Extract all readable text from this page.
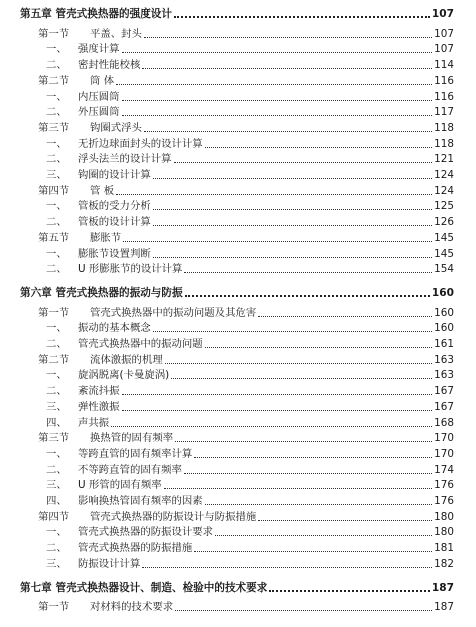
第五章 管壳式换热器的强度设计	107
第一节	平盖、封头	107
一、	强度计算	107
二、	密封性能校核	114
第二节	筒 体	116
一、	内压圆筒	116
二、	外压圆筒	117
第三节	钩圈式浮头	118
一、	无折边球面封头的设计计算	118
二、	浮头法兰的设计计算	121
三、	钩圈的设计计算	124
第四节	管 板	124
一、	管板的受力分析	125
二、	管板的设计计算	126
第五节	膨胀节	145
一、	膨胀节设置判断	145
二、	U 形膨胀节的设计计算	154
第六章 管壳式换热器的振动与防振	160
第一节	管壳式换热器中的振动问题及其危害	160
一、	振动的基本概念	160
二、	管壳式换热器中的振动问题	161
第二节	流体激振的机理	163
一、	旋涡脱离(卡曼旋涡)	163
二、	紊流抖振	167
三、	弹性激振	167
四、	声共振	168
第三节	换热管的固有频率	170
一、	等跨直管的固有频率计算	170
二、	不等跨直管的固有频率	174
三、	U 形管的固有频率	176
四、	影响换热管固有频率的因素	176
第四节	管壳式换热器的防振设计与防振措施	180
一、	管壳式换热器的防振设计要求	180
二、	管壳式换热器的防振措施	181
三、	防振设计计算	182
第七章 管壳式换热器设计、制造、检验中的技术要求	187
第一节	对材料的技术要求	187
